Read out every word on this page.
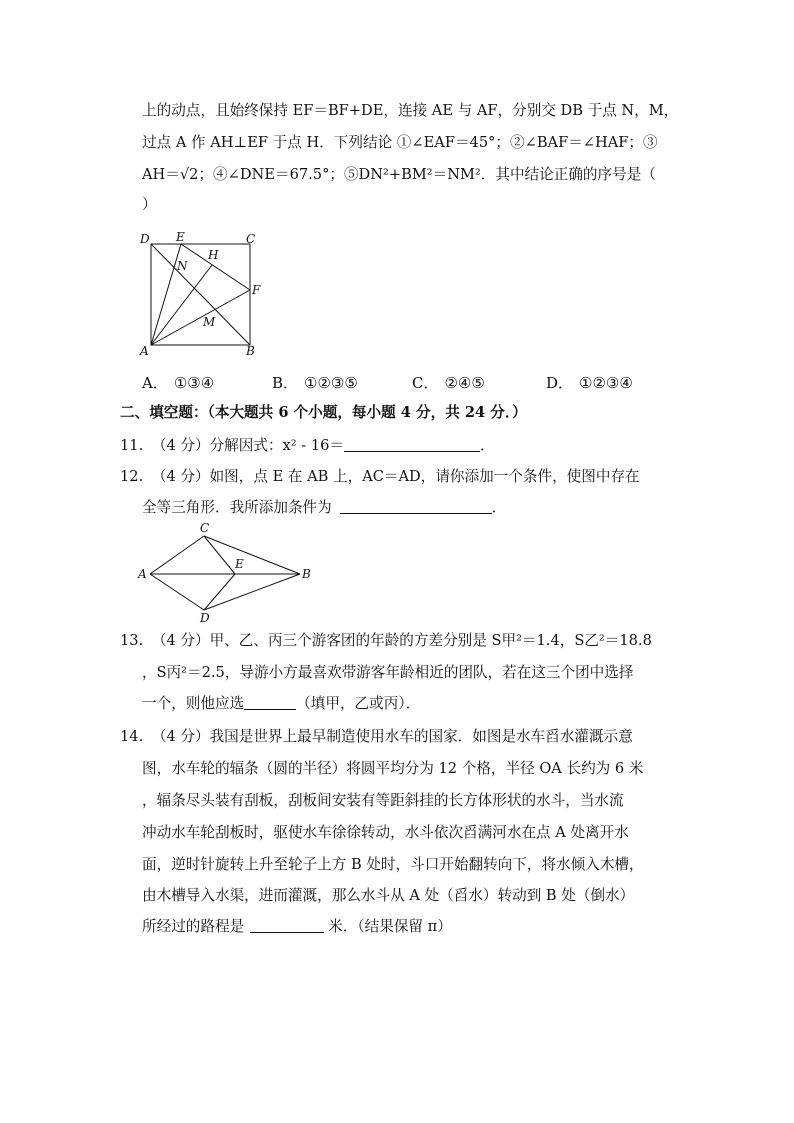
上的动点，且始终保持 EF＝BF+DE，连接 AE 与 AF，分别交 DB 于点 N，M，
过点 A 作 AH⊥EF 于点 H．下列结论 ①∠EAF＝45°；②∠BAF＝∠HAF；③
AH＝√2；④∠DNE＝67.5°；⑤DN²+BM²＝NM²．其中结论正确的序号是（
）
D E	C
H
N
F
M
A	B
A． ①③④	B． ①②③⑤	C． ②④⑤	D． ①②③④
二、填空题：（本大题共 6 个小题，每小题 4 分，共 24 分．）
11. （4 分）分解因式：x² ‑ 16＝	．
12. （4 分）如图，点 E 在 AB 上，AC＝AD，请你添加一个条件，使图中存在
全等三角形．我所添加条件为	．
C
A
E
B
D
13. （4 分）甲、乙、丙三个游客团的年龄的方差分别是 S甲²＝1.4，S乙²＝18.8
，S丙²＝2.5，导游小方最喜欢带游客年龄相近的团队，若在这三个团中选择
一个，则他应选	（填甲，乙或丙）．
14. （4 分）我国是世界上最早制造使用水车的国家．如图是水车舀水灌溉示意
图，水车轮的辐条（圆的半径）将圆平均分为 12 个格，半径 OA 长约为 6 米
，辐条尽头装有刮板，刮板间安装有等距斜挂的长方体形状的水斗，当水流
冲动水车轮刮板时，驱使水车徐徐转动，水斗依次舀满河水在点 A 处离开水
面，逆时针旋转上升至轮子上方 B 处时，斗口开始翻转向下，将水倾入木槽，
由木槽导入水渠，进而灌溉，那么水斗从 A 处（舀水）转动到 B 处（倒水）
所经过的路程是	米．（结果保留 π）
